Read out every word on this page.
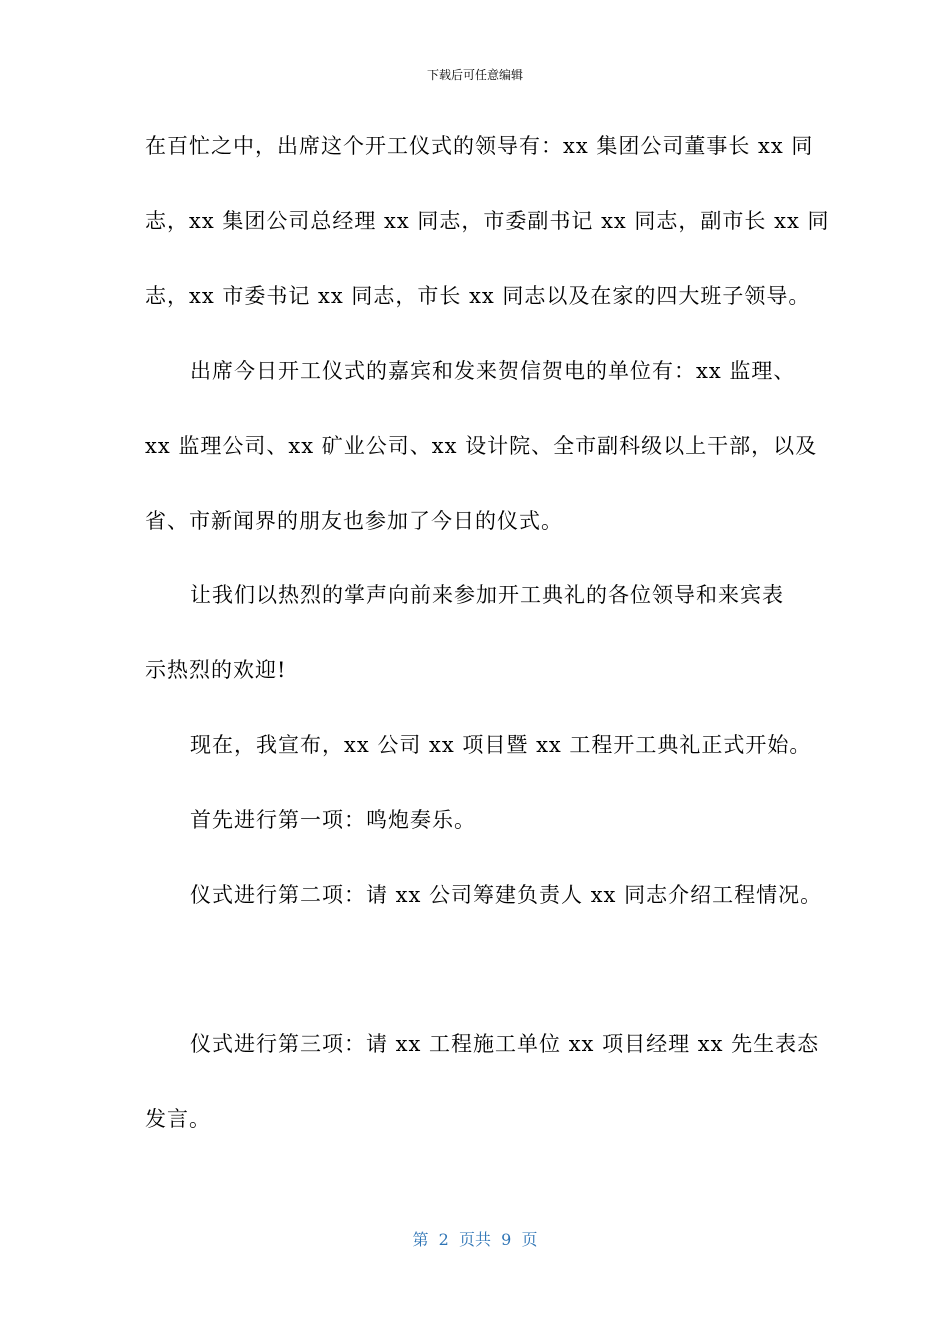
下载后可任意编辑
在百忙之中，出席这个开工仪式的领导有：xx 集团公司董事长 xx 同
志，xx 集团公司总经理 xx 同志，市委副书记 xx 同志，副市长 xx 同
志，xx 市委书记 xx 同志，市长 xx 同志以及在家的四大班子领导。
出席今日开工仪式的嘉宾和发来贺信贺电的单位有：xx 监理、
xx 监理公司、xx 矿业公司、xx 设计院、全市副科级以上干部，以及
省、市新闻界的朋友也参加了今日的仪式。
让我们以热烈的掌声向前来参加开工典礼的各位领导和来宾表
示热烈的欢迎!
现在，我宣布，xx 公司 xx 项目暨 xx 工程开工典礼正式开始。
首先进行第一项：鸣炮奏乐。
仪式进行第二项：请 xx 公司筹建负责人 xx 同志介绍工程情况。
仪式进行第三项：请 xx 工程施工单位 xx 项目经理 xx 先生表态
发言。
第  2  页共  9  页
